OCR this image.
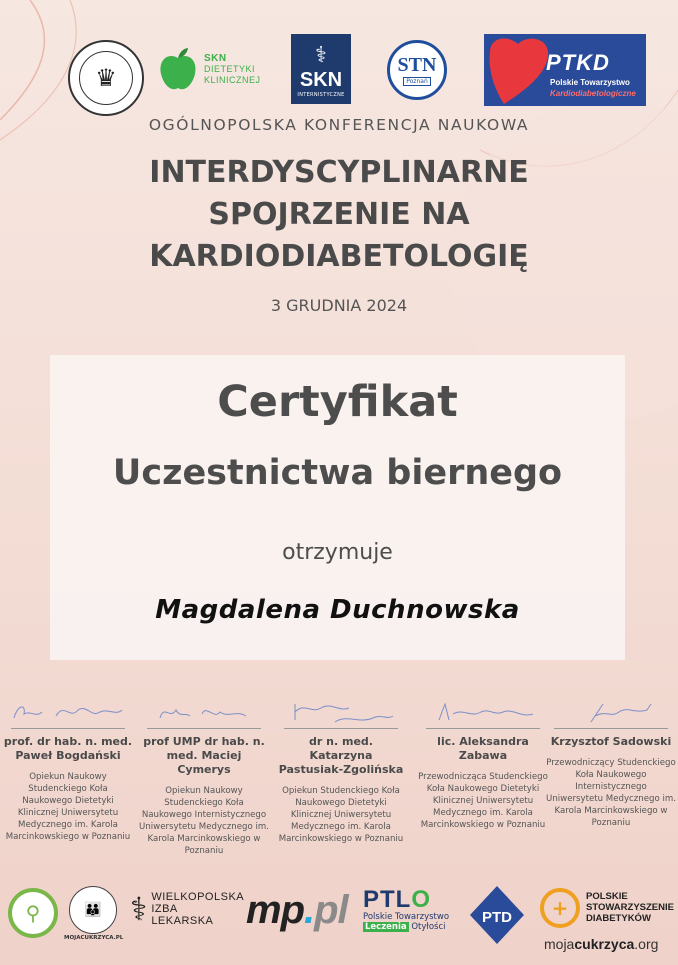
♛
SKN
DIETETYKI
KLINICZNEJ
⚕
SKN
INTERNISTYCZNE
STN
Poznań
PTKD
Polskie Towarzystwo
Kardiodiabetologiczne
OGÓLNOPOLSKA KONFERENCJA NAUKOWA
INTERDYSCYPLINARNE
SPOJRZENIE NA
KARDIODIABETOLOGIĘ
3 GRUDNIA 2024
Certyfikat
Uczestnictwa biernego
otrzymuje
Magdalena Duchnowska
prof. dr hab. n. med. Paweł Bogdański
Opiekun Naukowy Studenckiego Koła Naukowego Dietetyki Klinicznej Uniwersytetu Medycznego im. Karola Marcinkowskiego w Poznaniu
prof UMP dr hab. n. med. Maciej Cymerys
Opiekun Naukowy Studenckiego Koła Naukowego Internistycznego Uniwersytetu Medycznego im. Karola Marcinkowskiego w Poznaniu
dr n. med. Katarzyna Pastusiak-Zgolińska
Opiekun Studenckiego Koła Naukowego Dietetyki Klinicznej Uniwersytetu Medycznego im. Karola Marcinkowskiego w Poznaniu
lic. Aleksandra Zabawa
Przewodnicząca Studenckiego Koła Naukowego Dietetyki Klinicznej Uniwersytetu Medycznego im. Karola Marcinkowskiego w Poznaniu
Krzysztof Sadowski
Przewodniczący Studenckiego Koła Naukowego Internistycznego Uniwersytetu Medycznego im. Karola Marcinkowskiego w Poznaniu
⚲	👪
MOJACUKRZYCA.PL
⚕ WIELKOPOLSKA
IZBA
LEKARSKA mp.pl PTLO
Polskie Towarzystwo
Leczenia Otyłości
PTD	+	POLSKIE
STOWARZYSZENIE
DIABETYKÓW
mojacukrzyca.org
